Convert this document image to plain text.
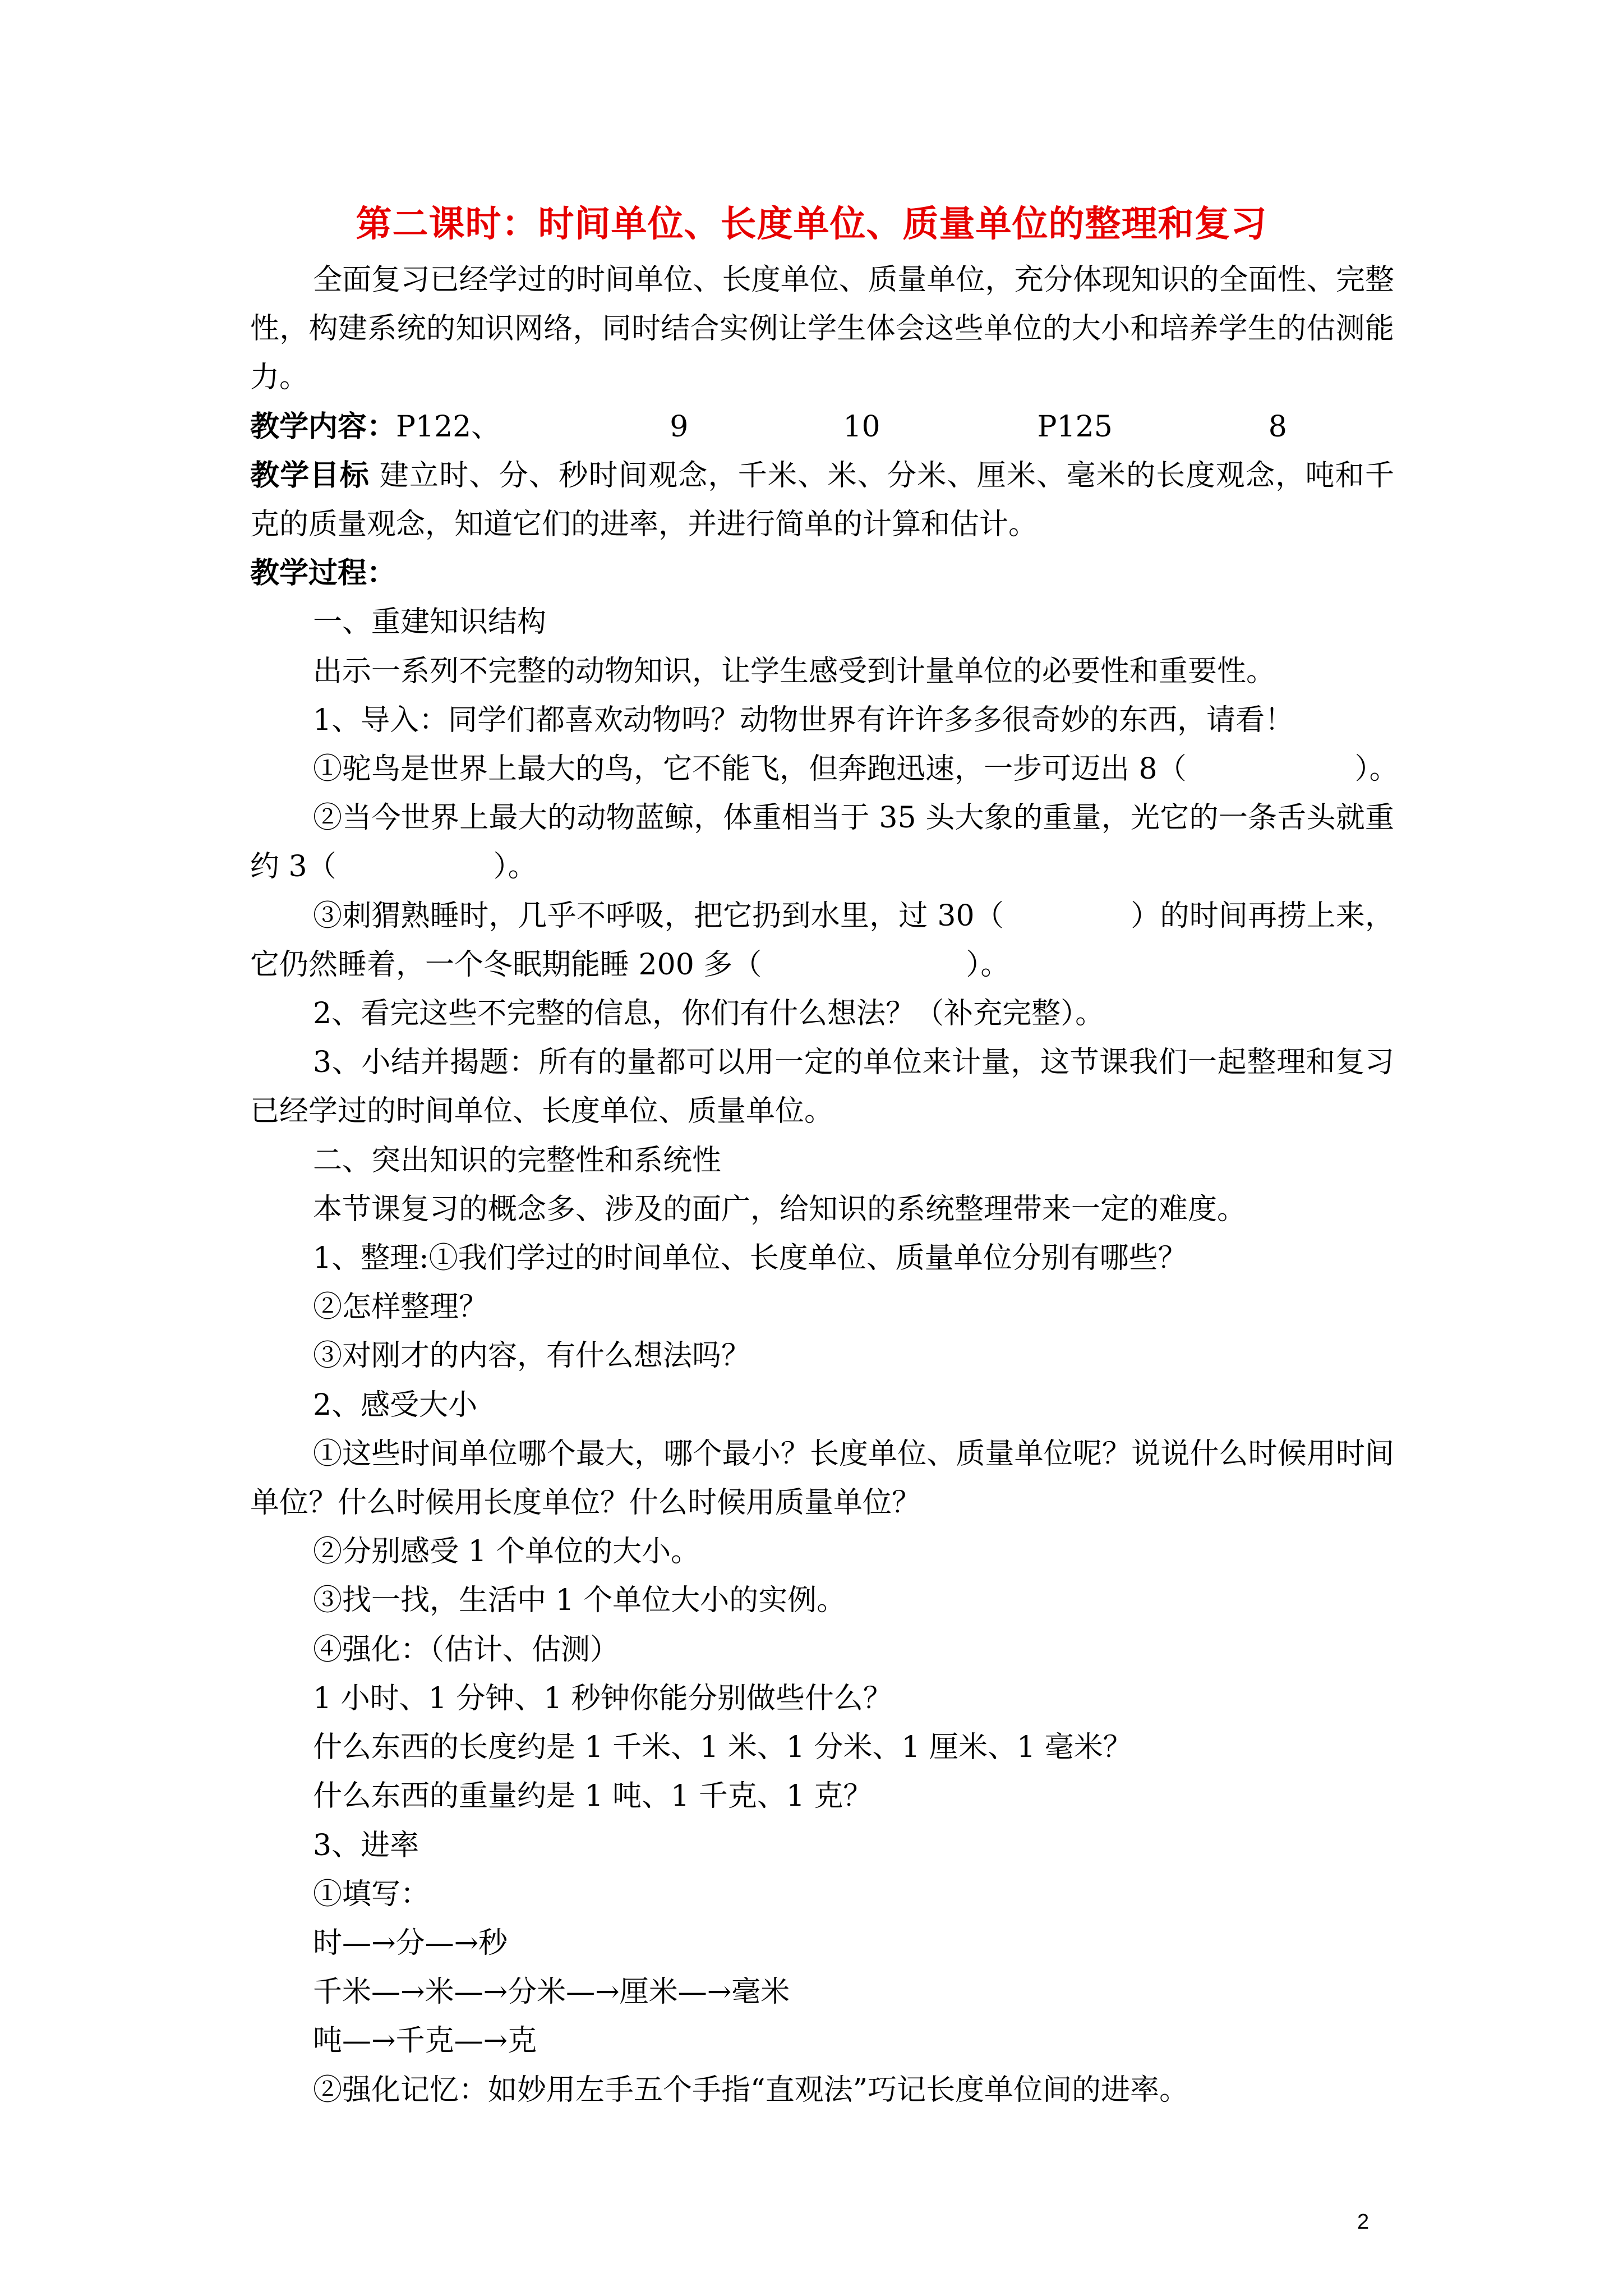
第二课时：时间单位、长度单位、质量单位的整理和复习

全面复习已经学过的时间单位、长度单位、质量单位，充分体现知识的全面性、完整性，构建系统的知识网络，同时结合实例让学生体会这些单位的大小和培养学生的估测能力。

教学内容：P122、	9	10	P125	8

教学目标 建立时、分、秒时间观念，千米、米、分米、厘米、毫米的长度观念，吨和千克的质量观念，知道它们的进率，并进行简单的计算和估计。

教学过程：

一、重建知识结构

出示一系列不完整的动物知识，让学生感受到计量单位的必要性和重要性。

1、导入：同学们都喜欢动物吗？动物世界有许许多多很奇妙的东西，请看！

①驼鸟是世界上最大的鸟，它不能飞，但奔跑迅速，一步可迈出 8（	）。

②当今世界上最大的动物蓝鲸，体重相当于 35 头大象的重量，光它的一条舌头就重约 3（	）。

③刺猬熟睡时，几乎不呼吸，把它扔到水里，过 30（	）的时间再捞上来，它仍然睡着，一个冬眠期能睡 200 多（	）。

2、看完这些不完整的信息，你们有什么想法？（补充完整）。

3、小结并揭题：所有的量都可以用一定的单位来计量，这节课我们一起整理和复习已经学过的时间单位、长度单位、质量单位。

二、突出知识的完整性和系统性

本节课复习的概念多、涉及的面广，给知识的系统整理带来一定的难度。

1、整理:①我们学过的时间单位、长度单位、质量单位分别有哪些？

②怎样整理？

③对刚才的内容，有什么想法吗？

2、感受大小

①这些时间单位哪个最大，哪个最小？长度单位、质量单位呢？说说什么时候用时间单位？什么时候用长度单位？什么时候用质量单位？

②分别感受 1 个单位的大小。

③找一找，生活中 1 个单位大小的实例。

④强化：（估计、估测）

1 小时、1 分钟、1 秒钟你能分别做些什么？

什么东西的长度约是 1 千米、1 米、1 分米、1 厘米、1 毫米？

什么东西的重量约是 1 吨、1 千克、1 克？

3、进率

①填写：

时—→分—→秒

千米—→米—→分米—→厘米—→毫米

吨—→千克—→克

②强化记忆：如妙用左手五个手指“直观法”巧记长度单位间的进率。

2
